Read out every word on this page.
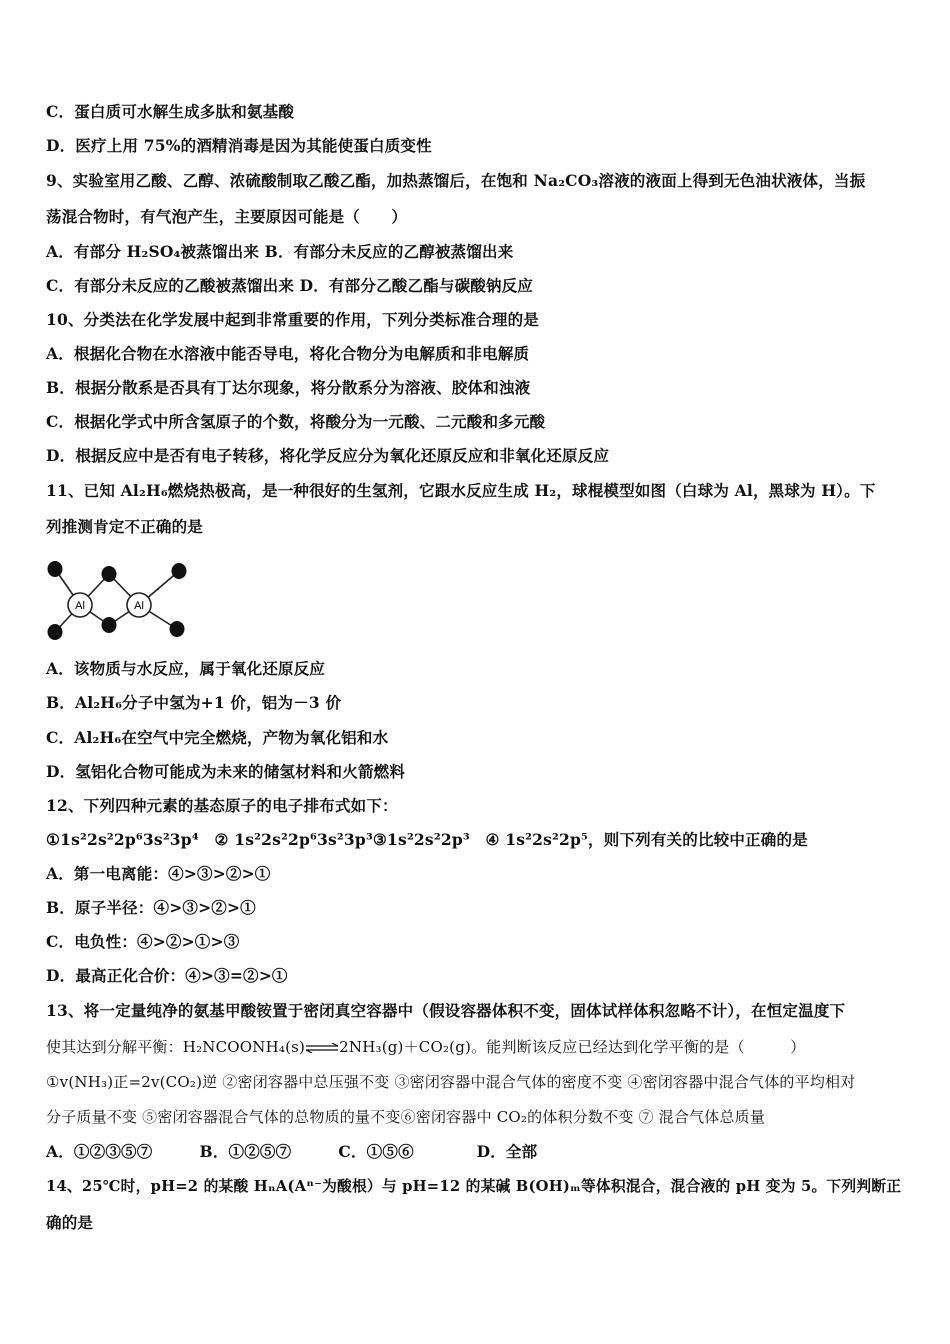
C．蛋白质可水解生成多肽和氨基酸
D．医疗上用 75%的酒精消毒是因为其能使蛋白质变性
9、实验室用乙酸、乙醇、浓硫酸制取乙酸乙酯，加热蒸馏后，在饱和 Na₂CO₃溶液的液面上得到无色油状液体，当振
荡混合物时，有气泡产生，主要原因可能是（　　）
A．有部分 H₂SO₄被蒸馏出来 B．有部分未反应的乙醇被蒸馏出来
C．有部分未反应的乙酸被蒸馏出来 D．有部分乙酸乙酯与碳酸钠反应
10、分类法在化学发展中起到非常重要的作用，下列分类标准合理的是
A．根据化合物在水溶液中能否导电，将化合物分为电解质和非电解质
B．根据分散系是否具有丁达尔现象，将分散系分为溶液、胶体和浊液
C．根据化学式中所含氢原子的个数，将酸分为一元酸、二元酸和多元酸
D．根据反应中是否有电子转移，将化学反应分为氧化还原反应和非氧化还原反应
11、已知 Al₂H₆燃烧热极高，是一种很好的生氢剂，它跟水反应生成 H₂，球棍模型如图（白球为 Al，黑球为 H）。下
列推测肯定不正确的是
Al	Al
A．该物质与水反应，属于氧化还原反应
B．Al₂H₆分子中氢为+1 价，铝为－3 价
C．Al₂H₆在空气中完全燃烧，产物为氧化铝和水
D．氢铝化合物可能成为未来的储氢材料和火箭燃料
12、下列四种元素的基态原子的电子排布式如下：
①1s²2s²2p⁶3s²3p⁴　② 1s²2s²2p⁶3s²3p³③1s²2s²2p³　④ 1s²2s²2p⁵，则下列有关的比较中正确的是
A．第一电离能：④>③>②>①
B．原子半径：④>③>②>①
C．电负性：④>②>①>③
D．最高正化合价：④>③=②>①
13、将一定量纯净的氨基甲酸铵置于密闭真空容器中（假设容器体积不变，固体试样体积忽略不计），在恒定温度下
使其达到分解平衡：H₂NCOONH₄(s)⇌2NH₃(g)＋CO₂(g)。能判断该反应已经达到化学平衡的是（　　　）
①v(NH₃)正=2v(CO₂)逆 ②密闭容器中总压强不变 ③密闭容器中混合气体的密度不变 ④密闭容器中混合气体的平均相对
分子质量不变 ⑤密闭容器混合气体的总物质的量不变⑥密闭容器中 CO₂的体积分数不变 ⑦ 混合气体总质量
A．①②③⑤⑦　　　B．①②⑤⑦　　　C．①⑤⑥　　　　D．全部
14、25℃时，pH=2 的某酸 HₙA(Aⁿ⁻为酸根）与 pH=12 的某碱 B(OH)ₘ等体积混合，混合液的 pH 变为 5。下列判断正
确的是
